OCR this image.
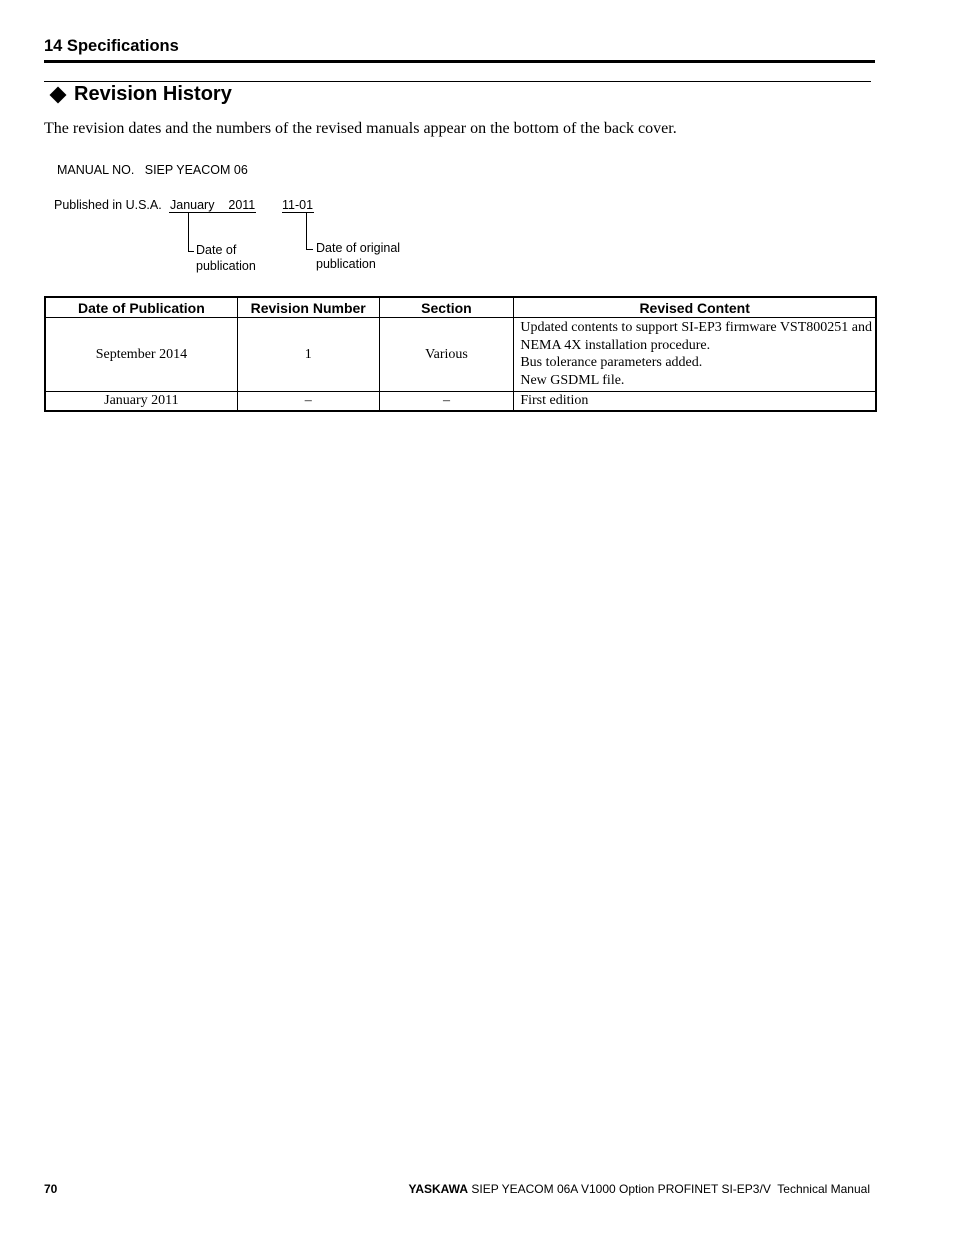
14 Specifications
Revision History
The revision dates and the numbers of the revised manuals appear on the bottom of the back cover.
MANUAL NO.   SIEP YEACOM 06
Published in U.S.A. January    2011 11-01
Date of
publication
Date of original
publication
Date of Publication	Revision Number	Section	Revised Content
September 2014	1	Various	Updated contents to support SI-EP3 firmware VST800251 and
NEMA 4X installation procedure.
Bus tolerance parameters added.
New GSDML file.

January 2011	–	–	First edition
70	YASKAWA SIEP YEACOM 06A V1000 Option PROFINET SI-EP3/V  Technical Manual
